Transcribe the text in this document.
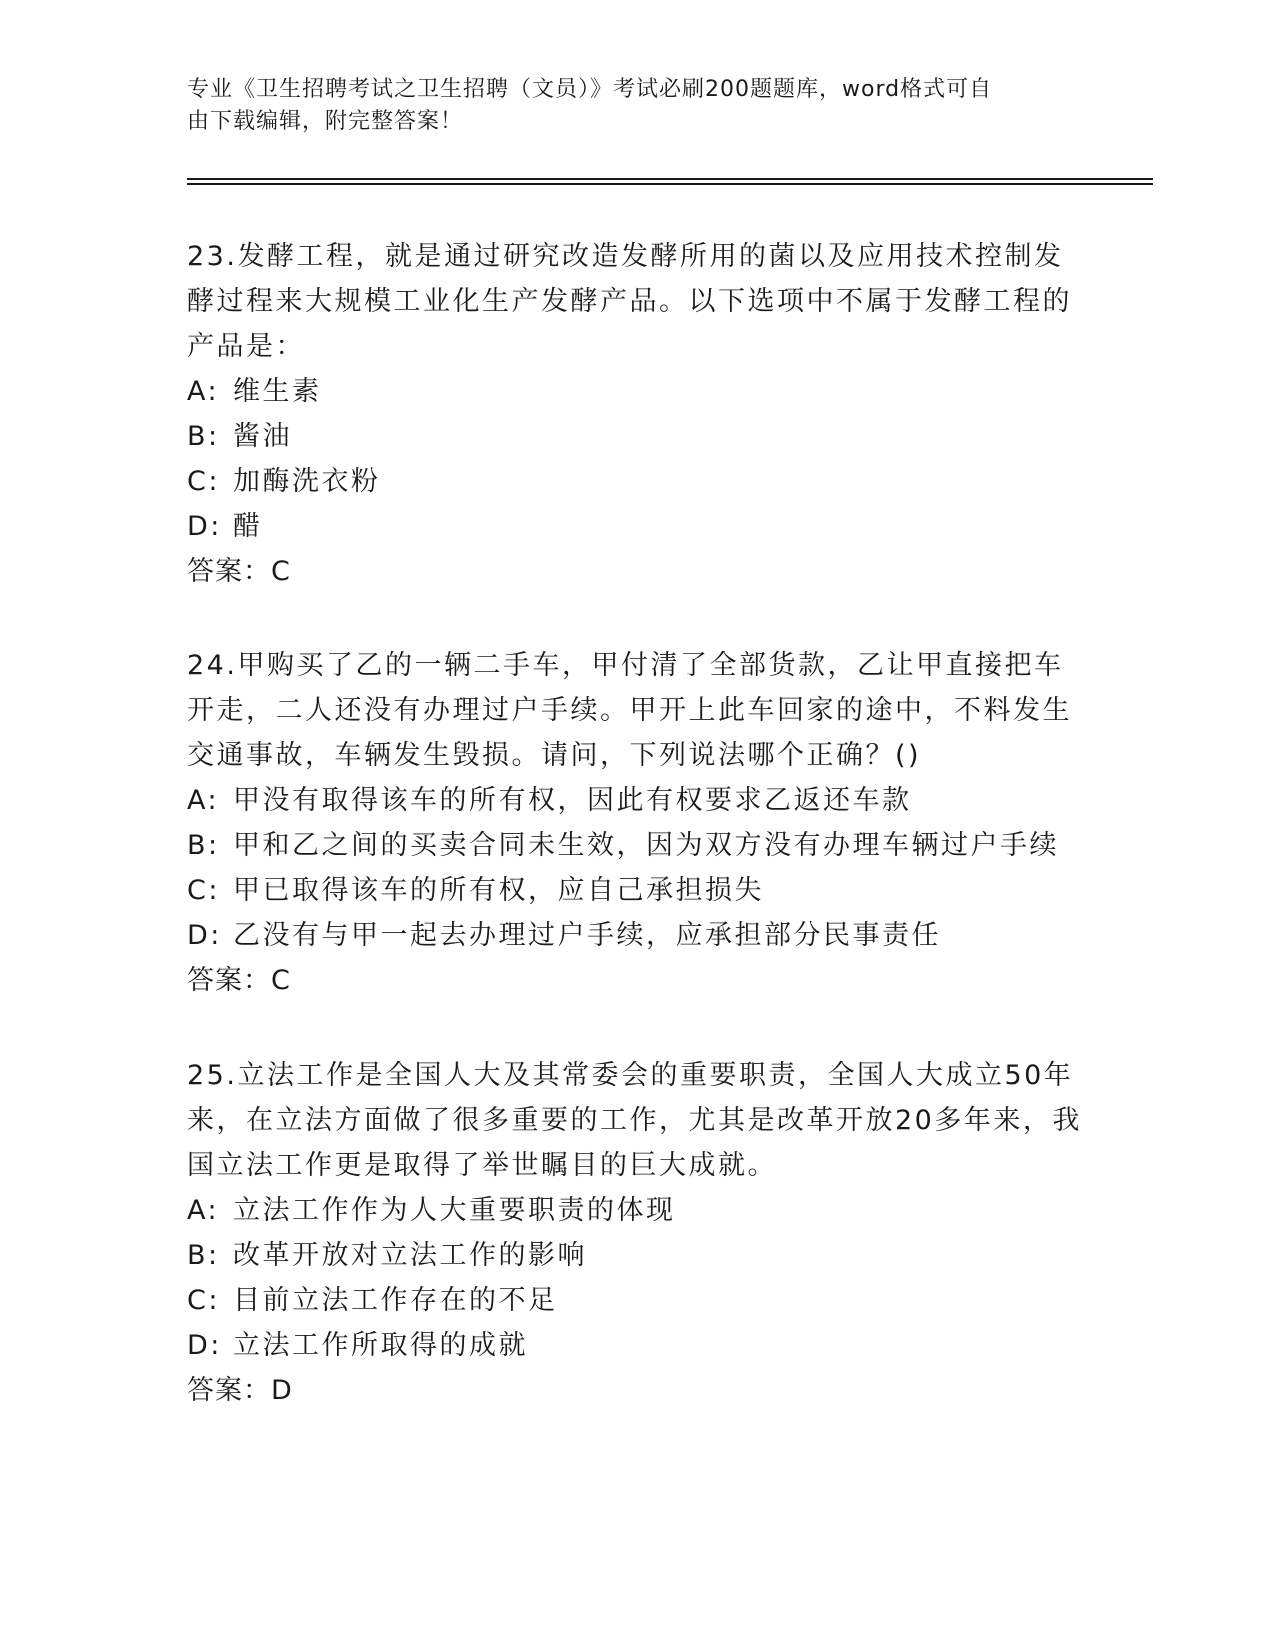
专业《卫生招聘考试之卫生招聘（文员）》考试必刷200题题库，word格式可自
由下载编辑，附完整答案！

23.发酵工程，就是通过研究改造发酵所用的菌以及应用技术控制发酵过程来大规模工业化生产发酵产品。以下选项中不属于发酵工程的产品是：

A: 维生素

B: 酱油

C: 加酶洗衣粉

D: 醋

答案：C

24.甲购买了乙的一辆二手车，甲付清了全部货款，乙让甲直接把车开走，二人还没有办理过户手续。甲开上此车回家的途中，不料发生交通事故，车辆发生毁损。请问，下列说法哪个正确？()

A: 甲没有取得该车的所有权，因此有权要求乙返还车款

B: 甲和乙之间的买卖合同未生效，因为双方没有办理车辆过户手续

C: 甲已取得该车的所有权，应自己承担损失

D: 乙没有与甲一起去办理过户手续，应承担部分民事责任

答案：C

25.立法工作是全国人大及其常委会的重要职责，全国人大成立50年来，在立法方面做了很多重要的工作，尤其是改革开放20多年来，我国立法工作更是取得了举世瞩目的巨大成就。

A: 立法工作作为人大重要职责的体现

B: 改革开放对立法工作的影响

C: 目前立法工作存在的不足

D: 立法工作所取得的成就

答案：D
